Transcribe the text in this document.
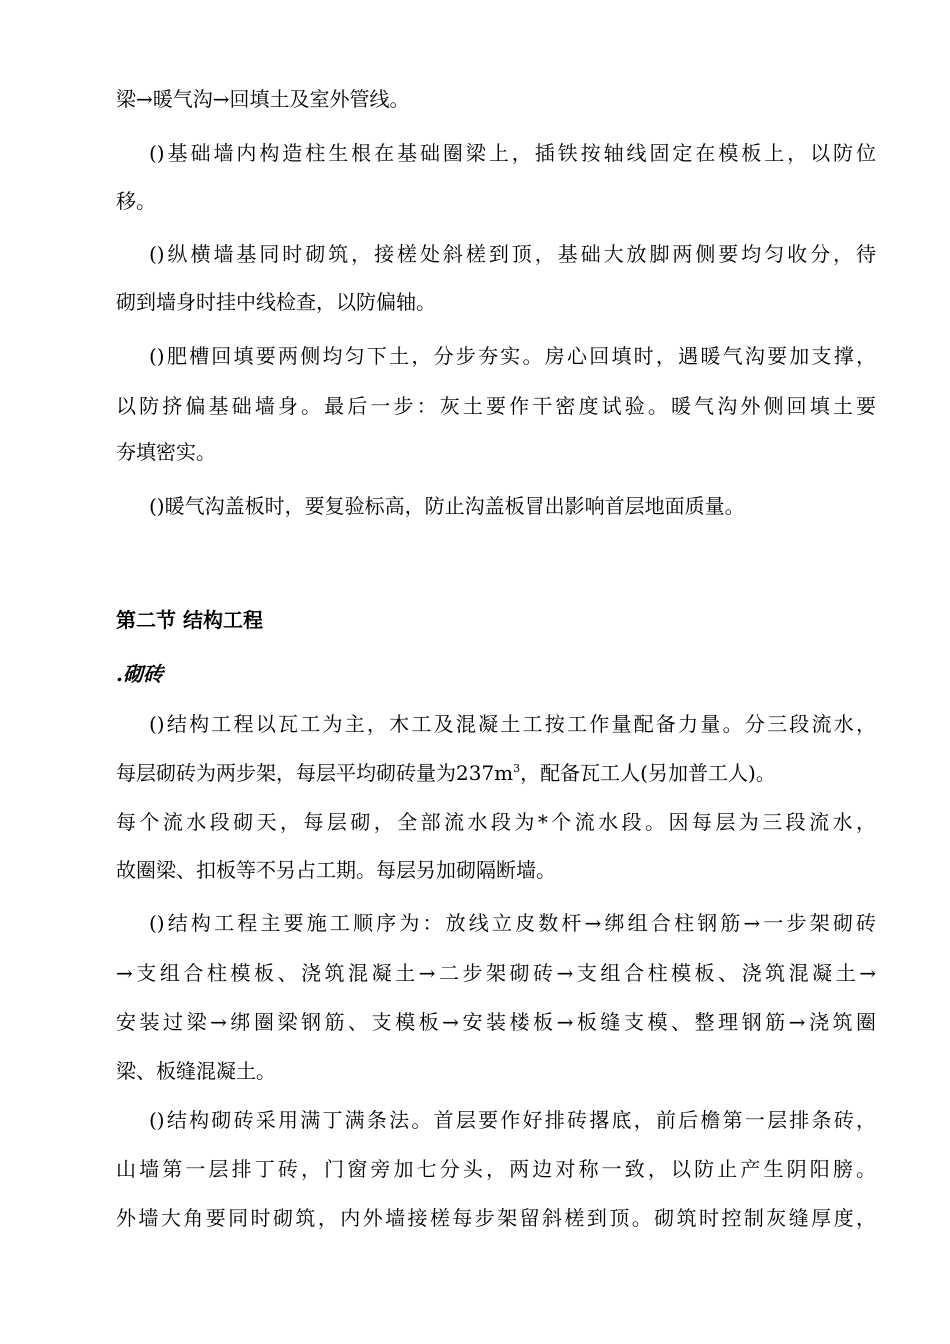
梁→暖气沟→回填土及室外管线。
()基础墙内构造柱生根在基础圈梁上，插铁按轴线固定在模板上，以防位
移。
()纵横墙基同时砌筑，接槎处斜槎到顶，基础大放脚两侧要均匀收分，待
砌到墙身时挂中线检查，以防偏轴。
()肥槽回填要两侧均匀下土，分步夯实。房心回填时，遇暖气沟要加支撑，
以防挤偏基础墙身。最后一步：灰土要作干密度试验。暖气沟外侧回填土要
夯填密实。
()暖气沟盖板时，要复验标高，防止沟盖板冒出影响首层地面质量。
第二节 结构工程
.砌砖
()结构工程以瓦工为主，木工及混凝土工按工作量配备力量。分三段流水，
每层砌砖为两步架，每层平均砌砖量为$237m^3$，配备瓦工人(另加普工人)。
每个流水段砌天，每层砌，全部流水段为*个流水段。因每层为三段流水，
故圈梁、扣板等不另占工期。每层另加砌隔断墙。
()结构工程主要施工顺序为：放线立皮数杆→绑组合柱钢筋→一步架砌砖
→支组合柱模板、浇筑混凝土→二步架砌砖→支组合柱模板、浇筑混凝土→
安装过梁→绑圈梁钢筋、支模板→安装楼板→板缝支模、整理钢筋→浇筑圈
梁、板缝混凝土。
()结构砌砖采用满丁满条法。首层要作好排砖撂底，前后檐第一层排条砖，
山墙第一层排丁砖，门窗旁加七分头，两边对称一致，以防止产生阴阳膀。
外墙大角要同时砌筑，内外墙接槎每步架留斜槎到顶。砌筑时控制灰缝厚度，
